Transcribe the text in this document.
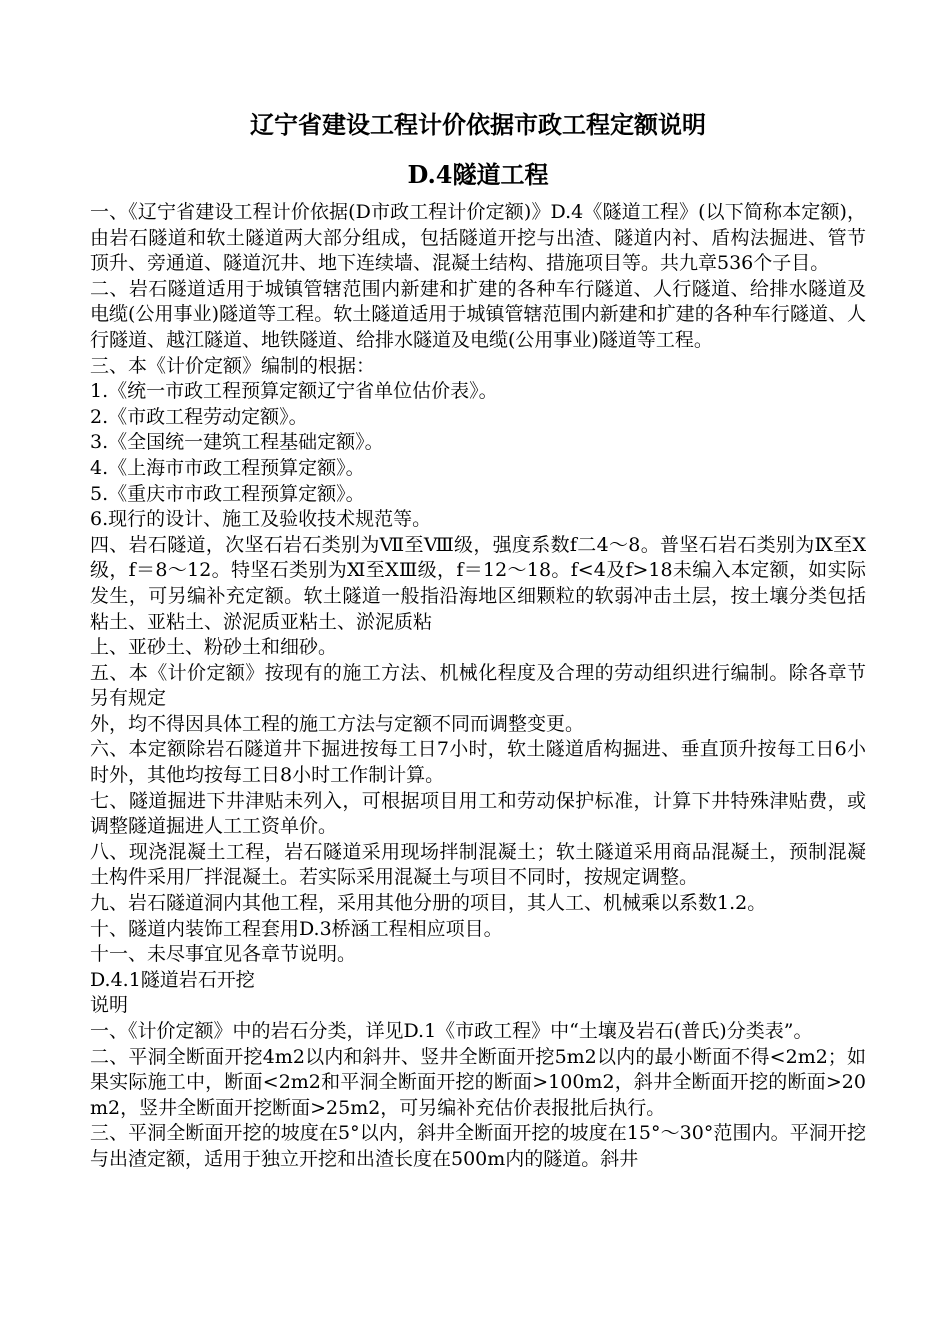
辽宁省建设工程计价依据市政工程定额说明
D.4隧道工程

一、《辽宁省建设工程计价依据(D市政工程计价定额)》D.4《隧道工程》(以下简称本定额)，由岩石隧道和软土隧道两大部分组成，包括隧道开挖与出渣、隧道内衬、盾构法掘进、管节顶升、旁通道、隧道沉井、地下连续墙、混凝土结构、措施项目等。共九章536个子目。

二、岩石隧道适用于城镇管辖范围内新建和扩建的各种车行隧道、人行隧道、给排水隧道及电缆(公用事业)隧道等工程。软土隧道适用于城镇管辖范围内新建和扩建的各种车行隧道、人行隧道、越江隧道、地铁隧道、给排水隧道及电缆(公用事业)隧道等工程。

三、本《计价定额》编制的根据：

1.《统一市政工程预算定额辽宁省单位估价表》。

2.《市政工程劳动定额》。

3.《全国统一建筑工程基础定额》。

4.《上海市市政工程预算定额》。

5.《重庆市市政工程预算定额》。

6.现行的设计、施工及验收技术规范等。

四、岩石隧道，次坚石岩石类别为Ⅶ至Ⅷ级，强度系数f二4～8。普坚石岩石类别为Ⅸ至Ⅹ级，f＝8～12。特坚石类别为Ⅺ至ⅩⅢ级，f＝12～18。f<4及f>18未编入本定额，如实际发生，可另编补充定额。软土隧道一般指沿海地区细颗粒的软弱冲击土层，按土壤分类包括粘土、亚粘土、淤泥质亚粘土、淤泥质粘

上、亚砂土、粉砂土和细砂。

五、本《计价定额》按现有的施工方法、机械化程度及合理的劳动组织进行编制。除各章节另有规定

外，均不得因具体工程的施工方法与定额不同而调整变更。

六、本定额除岩石隧道井下掘进按每工日7小时，软土隧道盾构掘进、垂直顶升按每工日6小时外，其他均按每工日8小时工作制计算。

七、隧道掘进下井津贴未列入，可根据项目用工和劳动保护标准，计算下井特殊津贴费，或调整隧道掘进人工工资单价。

八、现浇混凝土工程，岩石隧道采用现场拌制混凝土；软土隧道采用商品混凝土，预制混凝土构件采用厂拌混凝土。若实际采用混凝土与项目不同时，按规定调整。

九、岩石隧道洞内其他工程，采用其他分册的项目，其人工、机械乘以系数1.2。

十、隧道内装饰工程套用D.3桥涵工程相应项目。

十一、未尽事宜见各章节说明。

D.4.1隧道岩石开挖

说明

一、《计价定额》中的岩石分类，详见D.1《市政工程》中“土壤及岩石(普氏)分类表”。

二、平洞全断面开挖4m2以内和斜井、竖井全断面开挖5m2以内的最小断面不得<2m2；如果实际施工中，断面<2m2和平洞全断面开挖的断面>100m2，斜井全断面开挖的断面>20m2，竖井全断面开挖断面>25m2，可另编补充估价表报批后执行。

三、平洞全断面开挖的坡度在5°以内，斜井全断面开挖的坡度在15°～30°范围内。平洞开挖与出渣定额，适用于独立开挖和出渣长度在500m内的隧道。斜井
